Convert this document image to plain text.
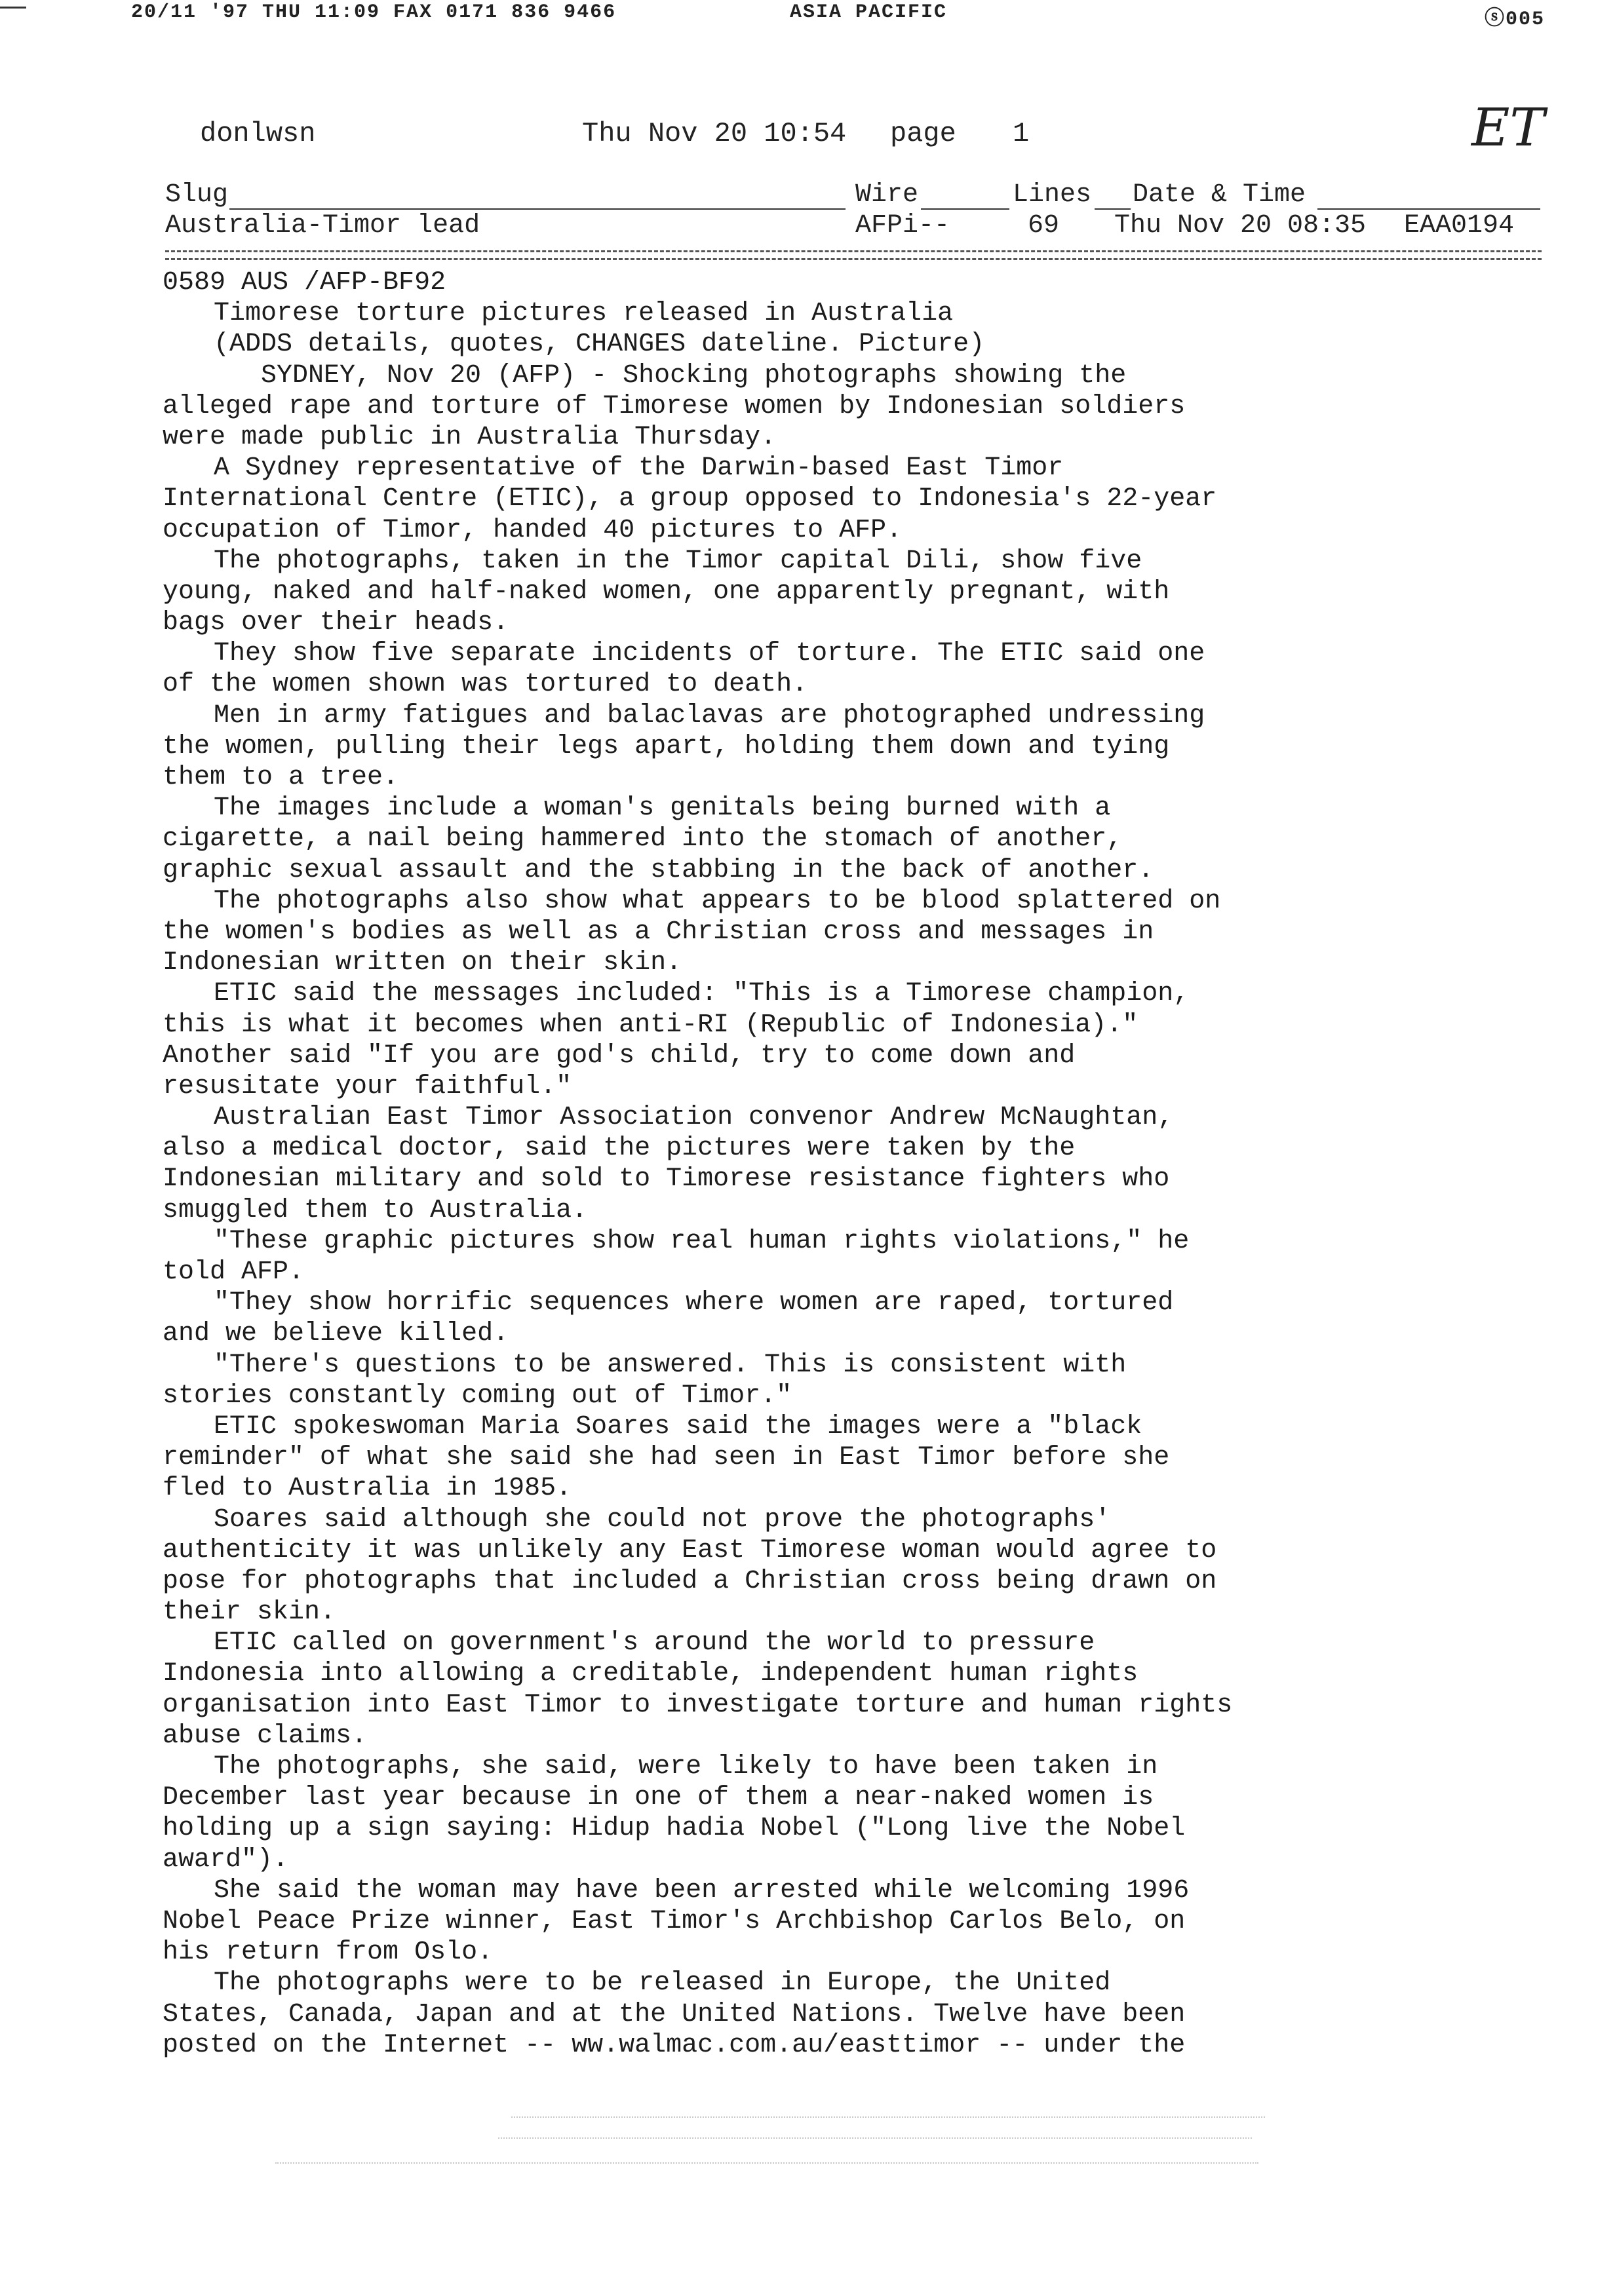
20/11 '97 THU 11:09 FAX 0171 836 9466	ASIA PACIFIC	ⓢ005
donlwsn	Thu Nov 20 10:54 page 1	ET
Slug	Wire	Lines Date & Time
Australia-Timor lead	AFPi--	69 Thu Nov 20 08:35 EAA0194
0589 AUS /AFP-BF92
Timorese torture pictures released in Australia
(ADDS details, quotes, CHANGES dateline. Picture)
SYDNEY, Nov 20 (AFP) - Shocking photographs showing the
alleged rape and torture of Timorese women by Indonesian soldiers
were made public in Australia Thursday.
A Sydney representative of the Darwin-based East Timor
International Centre (ETIC), a group opposed to Indonesia's 22-year
occupation of Timor, handed 40 pictures to AFP.
The photographs, taken in the Timor capital Dili, show five
young, naked and half-naked women, one apparently pregnant, with
bags over their heads.
They show five separate incidents of torture. The ETIC said one
of the women shown was tortured to death.
Men in army fatigues and balaclavas are photographed undressing
the women, pulling their legs apart, holding them down and tying
them to a tree.
The images include a woman's genitals being burned with a
cigarette, a nail being hammered into the stomach of another,
graphic sexual assault and the stabbing in the back of another.
The photographs also show what appears to be blood splattered on
the women's bodies as well as a Christian cross and messages in
Indonesian written on their skin.
ETIC said the messages included: "This is a Timorese champion,
this is what it becomes when anti-RI (Republic of Indonesia)."
Another said "If you are god's child, try to come down and
resusitate your faithful."
Australian East Timor Association convenor Andrew McNaughtan,
also a medical doctor, said the pictures were taken by the
Indonesian military and sold to Timorese resistance fighters who
smuggled them to Australia.
"These graphic pictures show real human rights violations," he
told AFP.
"They show horrific sequences where women are raped, tortured
and we believe killed.
"There's questions to be answered. This is consistent with
stories constantly coming out of Timor."
ETIC spokeswoman Maria Soares said the images were a "black
reminder" of what she said she had seen in East Timor before she
fled to Australia in 1985.
Soares said although she could not prove the photographs'
authenticity it was unlikely any East Timorese woman would agree to
pose for photographs that included a Christian cross being drawn on
their skin.
ETIC called on government's around the world to pressure
Indonesia into allowing a creditable, independent human rights
organisation into East Timor to investigate torture and human rights
abuse claims.
The photographs, she said, were likely to have been taken in
December last year because in one of them a near-naked women is
holding up a sign saying: Hidup hadia Nobel ("Long live the Nobel
award").
She said the woman may have been arrested while welcoming 1996
Nobel Peace Prize winner, East Timor's Archbishop Carlos Belo, on
his return from Oslo.
The photographs were to be released in Europe, the United
States, Canada, Japan and at the United Nations. Twelve have been
posted on the Internet -- ww.walmac.com.au/easttimor -- under the
